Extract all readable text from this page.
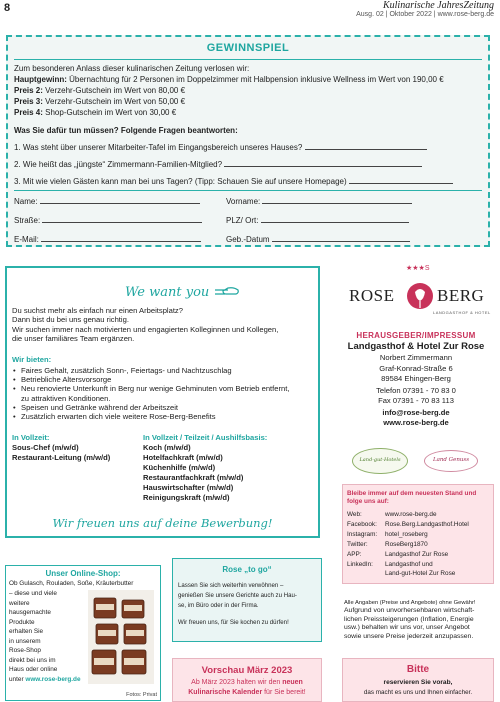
8	Kulinarische JahresZeitung
Ausg. 02 | Oktober 2022 | www.rose-berg.de
GEWINNSPIEL
Zum besonderen Anlass dieser kulinarischen Zeitung verlosen wir:
Hauptgewinn: Übernachtung für 2 Personen im Doppelzimmer mit Halbpension inklusive Wellness im Wert von 190,00 €
Preis 2: Verzehr-Gutschein im Wert von 80,00 €
Preis 3: Verzehr-Gutschein im Wert von 50,00 €
Preis 4: Shop-Gutschein im Wert von 30,00 €
Was Sie dafür tun müssen? Folgende Fragen beantworten:
1. Was steht über unserer Mitarbeiter-Tafel im Eingangsbereich unseres Hauses?
2. Wie heißt das „jüngste“ Zimmermann-Familien-Mitglied?
3. Mit wie vielen Gästen kann man bei uns Tagen? (Tipp: Schauen Sie auf unsere Homepage)
Name:	Vorname:
Straße:	PLZ/ Ort:
E-Mail:	Geb.-Datum
We want you
Du suchst mehr als einfach nur einen Arbeitsplatz?
Dann bist du bei uns genau richtig.
Wir suchen immer nach motivierten und engagierten Kolleginnen und Kollegen,
die unser familiäres Team ergänzen.
Wir bieten:
• Faires Gehalt, zusätzlich Sonn-, Feiertags- und Nachtzuschlag
• Betriebliche Altersvorsorge
• Neu renovierte Unterkunft in Berg nur wenige Gehminuten vom Betrieb entfernt, zu attraktiven Konditionen.
• Speisen und Getränke während der Arbeitszeit
• Zusätzlich erwarten dich viele weitere Rose-Berg-Benefits
In Vollzeit:
Sous-Chef (m/w/d)
Restaurant-Leitung (m/w/d)
In Vollzeit / Teilzeit / Aushilfsbasis:
Koch (m/w/d)
Hotelfachkraft (m/w/d)
Küchenhilfe (m/w/d)
Restaurantfachkraft (m/w/d)
Hauswirtschafter (m/w/d)
Reinigungskraft (m/w/d)
Wir freuen uns auf deine Bewerbung!
★★★S
ROSE	BERG
LANDGASTHOF & HOTEL
HERAUSGEBER/IMPRESSUM
Landgasthof & Hotel Zur Rose
Norbert Zimmermann
Graf-Konrad-Straße 6
89584 Ehingen-Berg
Telefon 07391 - 70 83 0
Fax 07391 - 70 83 113
info@rose-berg.de
www.rose-berg.de
Land-gut-Hotels	Land Genuss
Bleibe immer auf dem neuesten Stand und folge uns auf:
Web:	www.rose-berg.de
Facebook: Rose.Berg.Landgasthof.Hotel
Instagram: hotel_roseberg
Twitter:	RoseBerg1870
APP:	Landgasthof Zur Rose
LinkedIn: Landgasthof und
Land-gut-Hotel Zur Rose
Alle Angaben (Preise und Angebote) ohne Gewähr!
Aufgrund von unvorhersehbaren wirtschaft-
lichen Preissteigerungen (Inflation, Energie
usw.) behalten wir uns vor, unser Angebot
sowie unsere Preise jederzeit anzupassen.
Unser Online-Shop:
Ob Gulasch, Rouladen, Soße, Kräuterbutter
– diese und viele
weitere
hausgemachte
Produkte
erhalten Sie
in unserem
Rose-Shop
direkt bei uns im
Haus oder online
unter www.rose-berg.de
Fotos: Privat
Rose „to go“
Lassen Sie sich weiterhin verwöhnen –
genießen Sie unsere Gerichte auch zu Hau-
se, im Büro oder in der Firma.
Wir freuen uns, für Sie kochen zu dürfen!
Vorschau März 2023
Ab März 2023 halten wir den neuen
Kulinarische Kalender für Sie bereit!
Bitte
reservieren Sie vorab,
das macht es uns und Ihnen einfacher.
